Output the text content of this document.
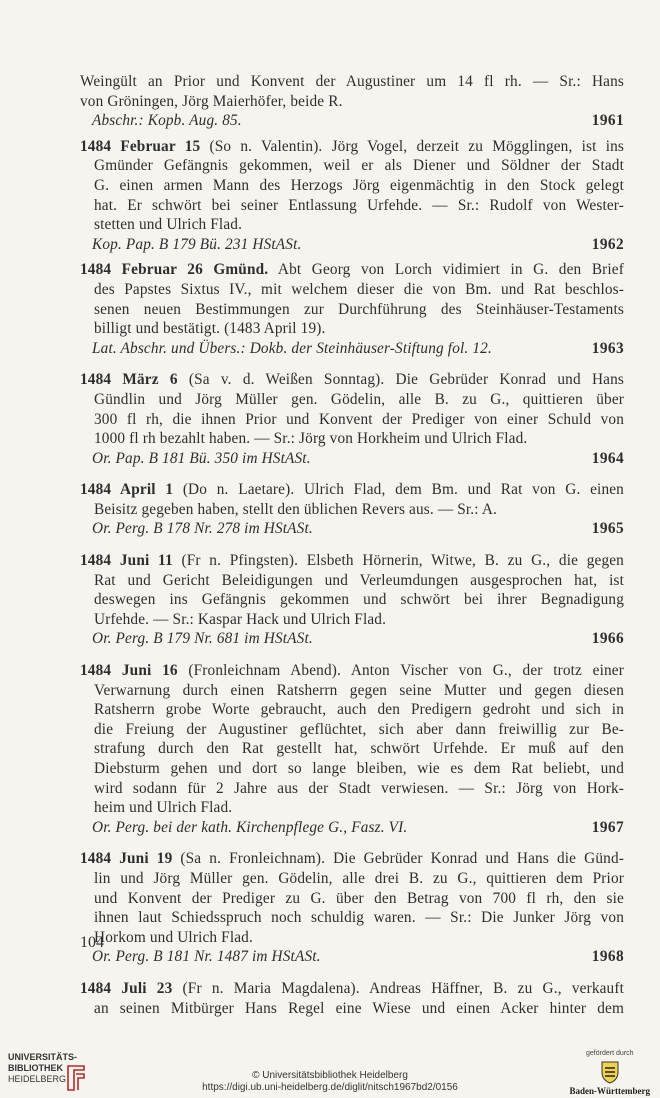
Weingült an Prior und Konvent der Augustiner um 14 fl rh. — Sr.: Hans
von Gröningen, Jörg Maierhöfer, beide R.
Abschr.: Kopb. Aug. 85.	1961
1484 Februar 15 (So n. Valentin). Jörg Vogel, derzeit zu Mögglingen, ist ins
Gmünder Gefängnis gekommen, weil er als Diener und Söldner der Stadt
G. einen armen Mann des Herzogs Jörg eigenmächtig in den Stock gelegt
hat. Er schwört bei seiner Entlassung Urfehde. — Sr.: Rudolf von Wester-
stetten und Ulrich Flad.
Kop. Pap. B 179 Bü. 231 HStASt.	1962
1484 Februar 26 Gmünd. Abt Georg von Lorch vidimiert in G. den Brief
des Papstes Sixtus IV., mit welchem dieser die von Bm. und Rat beschlos-
senen neuen Bestimmungen zur Durchführung des Steinhäuser-Testaments
billigt und bestätigt. (1483 April 19).
Lat. Abschr. und Übers.: Dokb. der Steinhäuser-Stiftung fol. 12.	1963
1484 März 6 (Sa v. d. Weißen Sonntag). Die Gebrüder Konrad und Hans
Gündlin und Jörg Müller gen. Gödelin, alle B. zu G., quittieren über
300 fl rh, die ihnen Prior und Konvent der Prediger von einer Schuld von
1000 fl rh bezahlt haben. — Sr.: Jörg von Horkheim und Ulrich Flad.
Or. Pap. B 181 Bü. 350 im HStASt.	1964
1484 April 1 (Do n. Laetare). Ulrich Flad, dem Bm. und Rat von G. einen
Beisitz gegeben haben, stellt den üblichen Revers aus. — Sr.: A.
Or. Perg. B 178 Nr. 278 im HStASt.	1965
1484 Juni 11 (Fr n. Pfingsten). Elsbeth Hörnerin, Witwe, B. zu G., die gegen
Rat und Gericht Beleidigungen und Verleumdungen ausgesprochen hat, ist
deswegen ins Gefängnis gekommen und schwört bei ihrer Begnadigung
Urfehde. — Sr.: Kaspar Hack und Ulrich Flad.
Or. Perg. B 179 Nr. 681 im HStASt.	1966
1484 Juni 16 (Fronleichnam Abend). Anton Vischer von G., der trotz einer
Verwarnung durch einen Ratsherrn gegen seine Mutter und gegen diesen
Ratsherrn grobe Worte gebraucht, auch den Predigern gedroht und sich in
die Freiung der Augustiner geflüchtet, sich aber dann freiwillig zur Be-
strafung durch den Rat gestellt hat, schwört Urfehde. Er muß auf den
Diebsturm gehen und dort so lange bleiben, wie es dem Rat beliebt, und
wird sodann für 2 Jahre aus der Stadt verwiesen. — Sr.: Jörg von Hork-
heim und Ulrich Flad.
Or. Perg. bei der kath. Kirchenpflege G., Fasz. VI.	1967
1484 Juni 19 (Sa n. Fronleichnam). Die Gebrüder Konrad und Hans die Günd-
lin und Jörg Müller gen. Gödelin, alle drei B. zu G., quittieren dem Prior
und Konvent der Prediger zu G. über den Betrag von 700 fl rh, den sie
ihnen laut Schiedsspruch noch schuldig waren. — Sr.: Die Junker Jörg von
Horkom und Ulrich Flad.
Or. Perg. B 181 Nr. 1487 im HStASt.	1968
1484 Juli 23 (Fr n. Maria Magdalena). Andreas Häffner, B. zu G., verkauft
an seinen Mitbürger Hans Regel eine Wiese und einen Acker hinter dem
104
UNIVERSITÄTS-
BIBLIOTHEK
HEIDELBERG	© Universitätsbibliothek Heidelberg
https://digi.ub.uni-heidelberg.de/diglit/nitsch1967bd2/0156
gefördert durch
Baden-Württemberg
